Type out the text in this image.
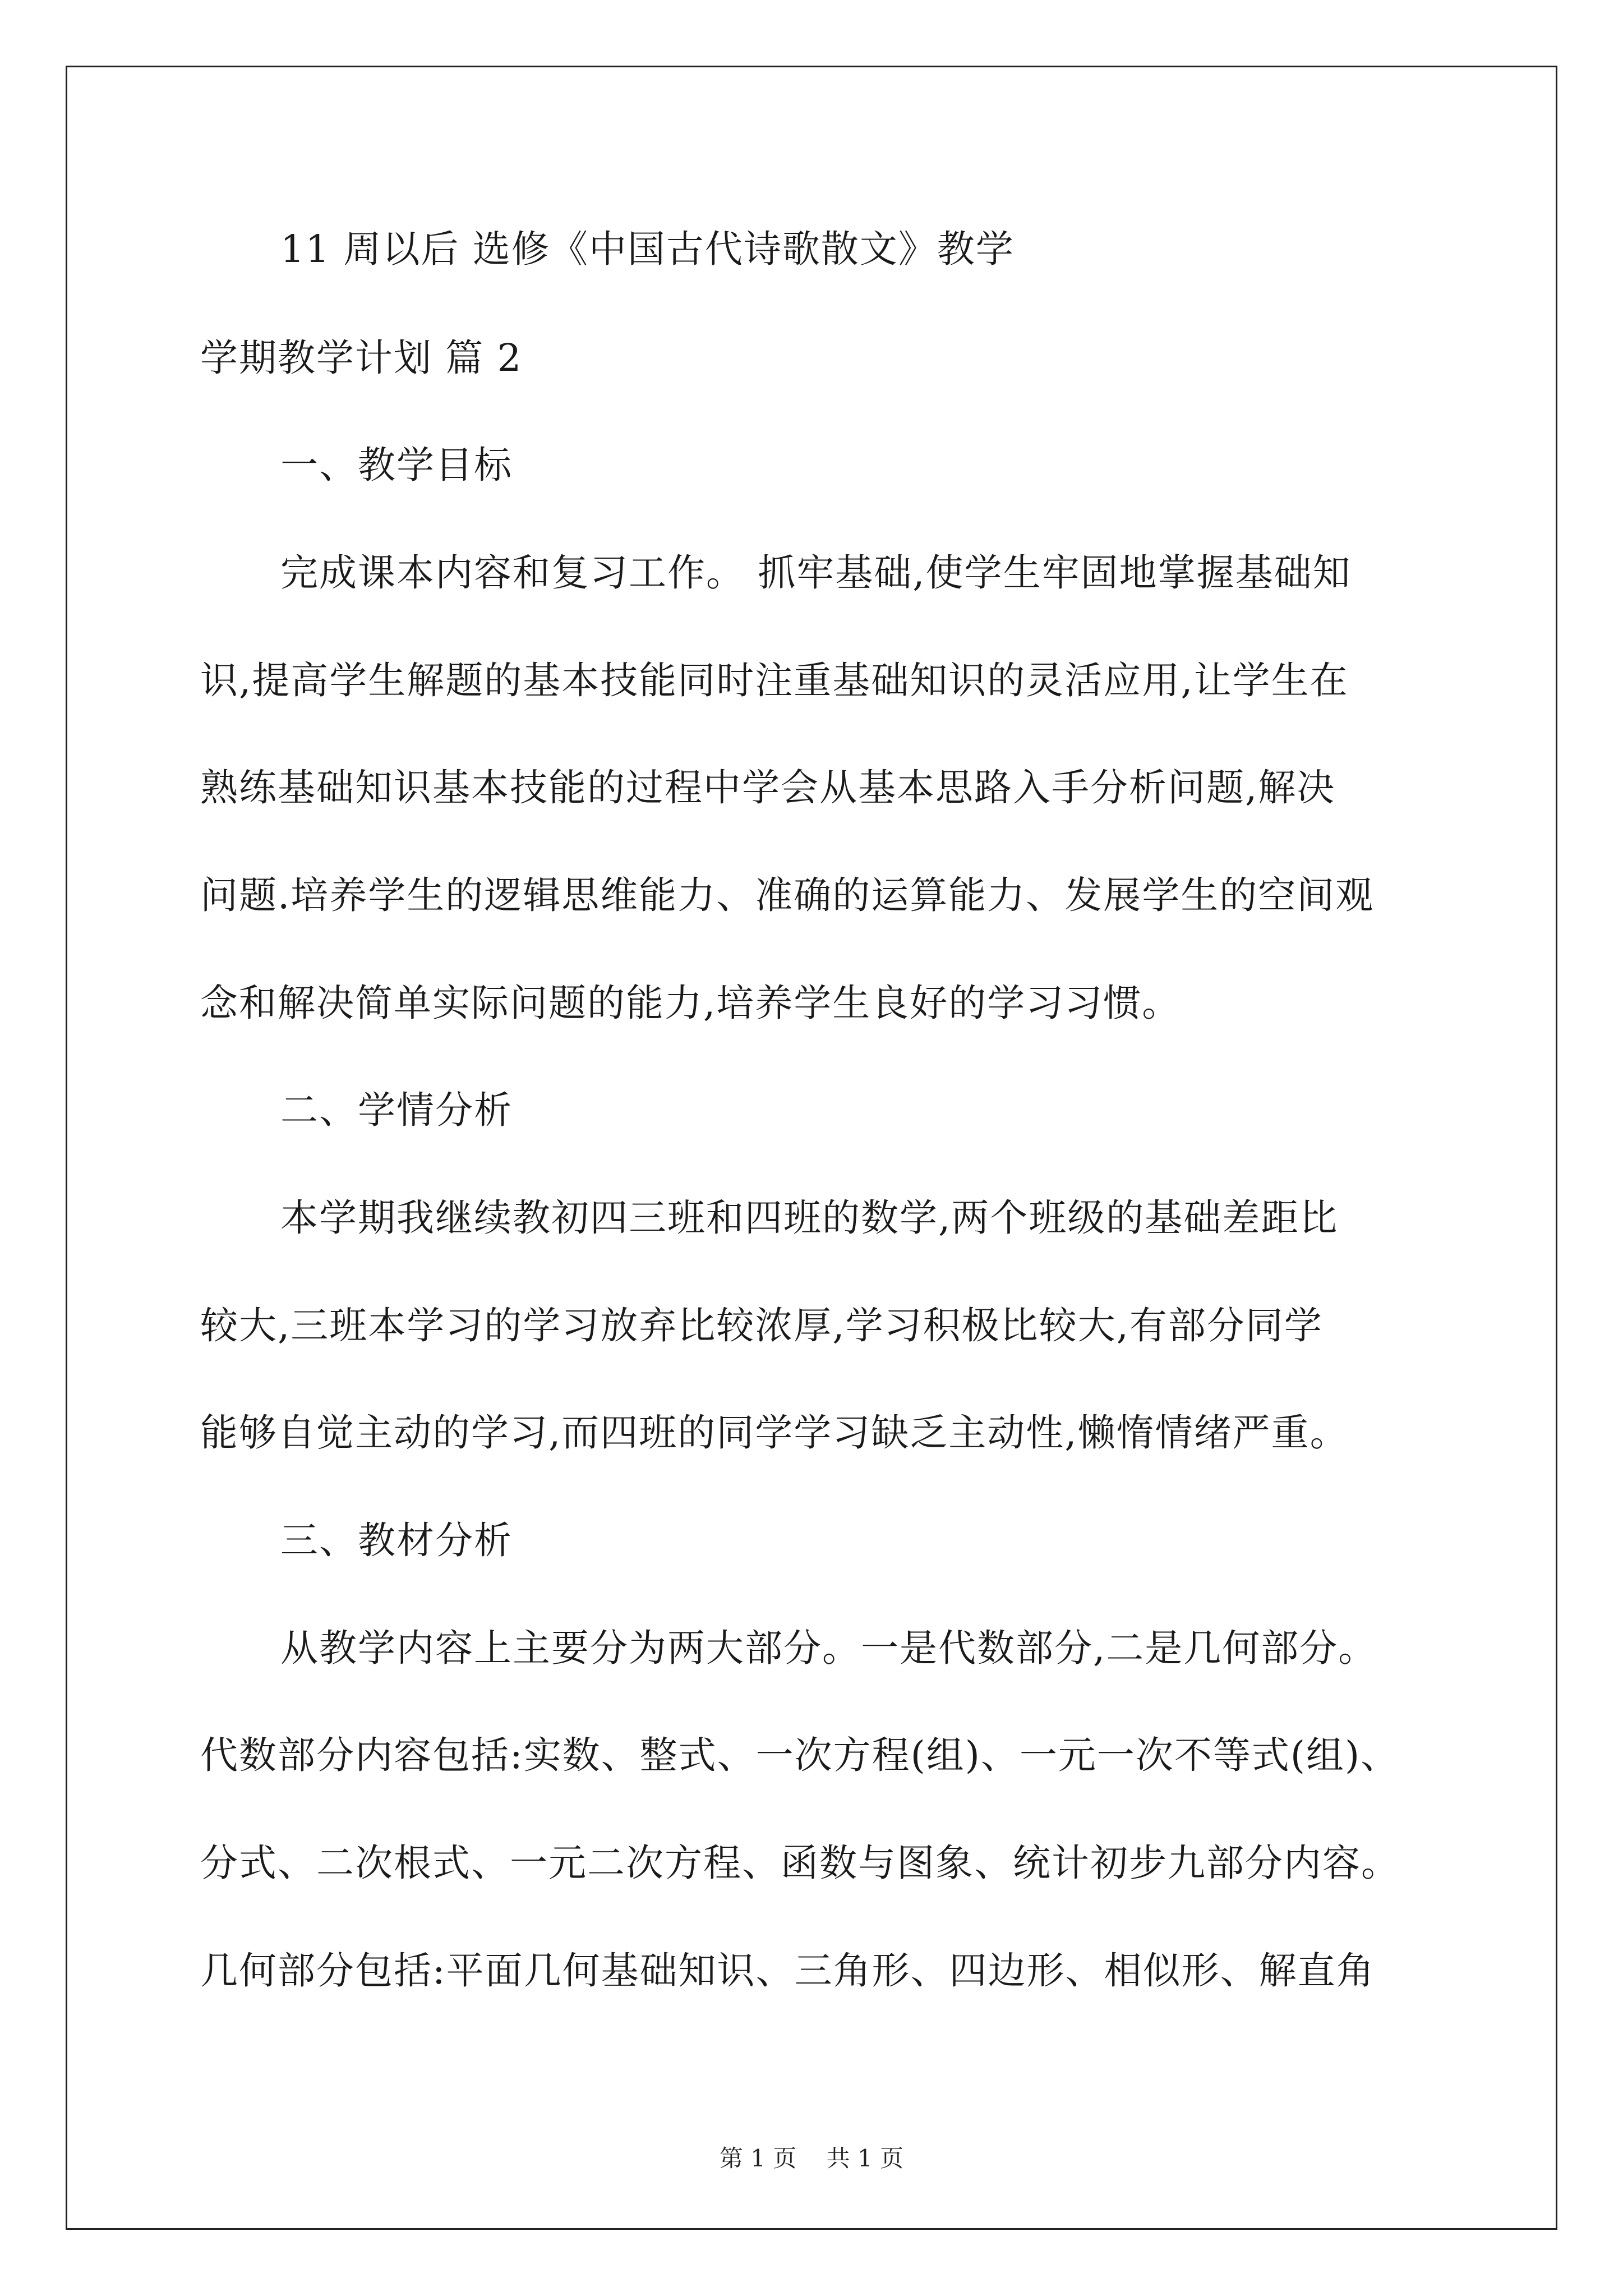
11 周以后 选修《中国古代诗歌散文》教学
学期教学计划 篇 2
一、教学目标
完成课本内容和复习工作。 抓牢基础,使学生牢固地掌握基础知
识,提高学生解题的基本技能同时注重基础知识的灵活应用,让学生在
熟练基础知识基本技能的过程中学会从基本思路入手分析问题,解决
问题.培养学生的逻辑思维能力、准确的运算能力、发展学生的空间观
念和解决简单实际问题的能力,培养学生良好的学习习惯。
二、学情分析
本学期我继续教初四三班和四班的数学,两个班级的基础差距比
较大,三班本学习的学习放弃比较浓厚,学习积极比较大,有部分同学
能够自觉主动的学习,而四班的同学学习缺乏主动性,懒惰情绪严重。
三、教材分析
从教学内容上主要分为两大部分。一是代数部分,二是几何部分。
代数部分内容包括:实数、整式、一次方程(组)、一元一次不等式(组)、
分式、二次根式、一元二次方程、函数与图象、统计初步九部分内容。
几何部分包括:平面几何基础知识、三角形、四边形、相似形、解直角
第 1 页    共 1 页
